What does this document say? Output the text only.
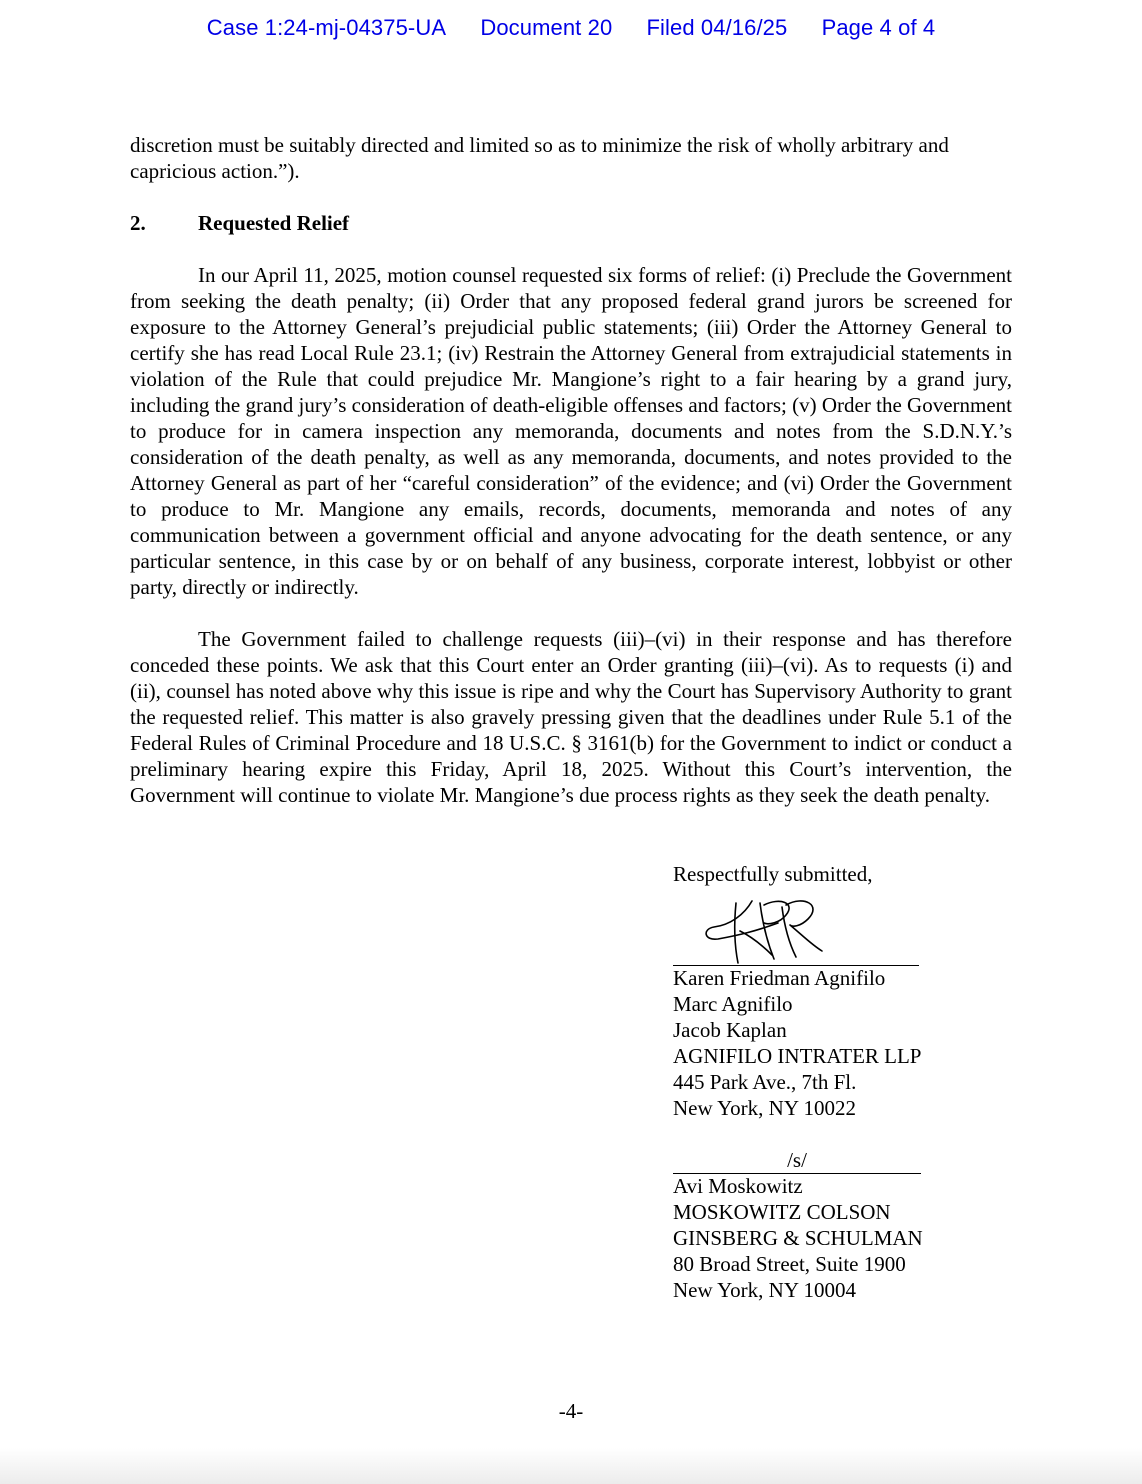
Case 1:24-mj-04375-UA Document 20 Filed 04/16/25 Page 4 of 4
discretion must be suitably directed and limited so as to minimize the risk of wholly arbitrary and
capricious action.”).
2. Requested Relief
In our April 11, 2025, motion counsel requested six forms of relief: (i) Preclude the Government from seeking the death penalty; (ii) Order that any proposed federal grand jurors be screened for exposure to the Attorney General’s prejudicial public statements; (iii) Order the Attorney General to certify she has read Local Rule 23.1; (iv) Restrain the Attorney General from extrajudicial statements in violation of the Rule that could prejudice Mr. Mangione’s right to a fair hearing by a grand jury, including the grand jury’s consideration of death-eligible offenses and factors; (v) Order the Government to produce for in camera inspection any memoranda, documents and notes from the S.D.N.Y.’s consideration of the death penalty, as well as any memoranda, documents, and notes provided to the Attorney General as part of her “careful consideration” of the evidence; and (vi) Order the Government to produce to Mr. Mangione any emails, records, documents, memoranda and notes of any communication between a government official and anyone advocating for the death sentence, or any particular sentence, in this case by or on behalf of any business, corporate interest, lobbyist or other party, directly or indirectly.
The Government failed to challenge requests (iii)–(vi) in their response and has therefore conceded these points. We ask that this Court enter an Order granting (iii)–(vi). As to requests (i) and (ii), counsel has noted above why this issue is ripe and why the Court has Supervisory Authority to grant the requested relief. This matter is also gravely pressing given that the deadlines under Rule 5.1 of the Federal Rules of Criminal Procedure and 18 U.S.C. § 3161(b) for the Government to indict or conduct a preliminary hearing expire this Friday, April 18, 2025. Without this Court’s intervention, the Government will continue to violate Mr. Mangione’s due process rights as they seek the death penalty.
Respectfully submitted,
Karen Friedman Agnifilo
Marc Agnifilo
Jacob Kaplan
AGNIFILO INTRATER LLP
445 Park Ave., 7th Fl.
New York, NY 10022
/s/
Avi Moskowitz
MOSKOWITZ COLSON
GINSBERG & SCHULMAN
80 Broad Street, Suite 1900
New York, NY 10004
-4-
